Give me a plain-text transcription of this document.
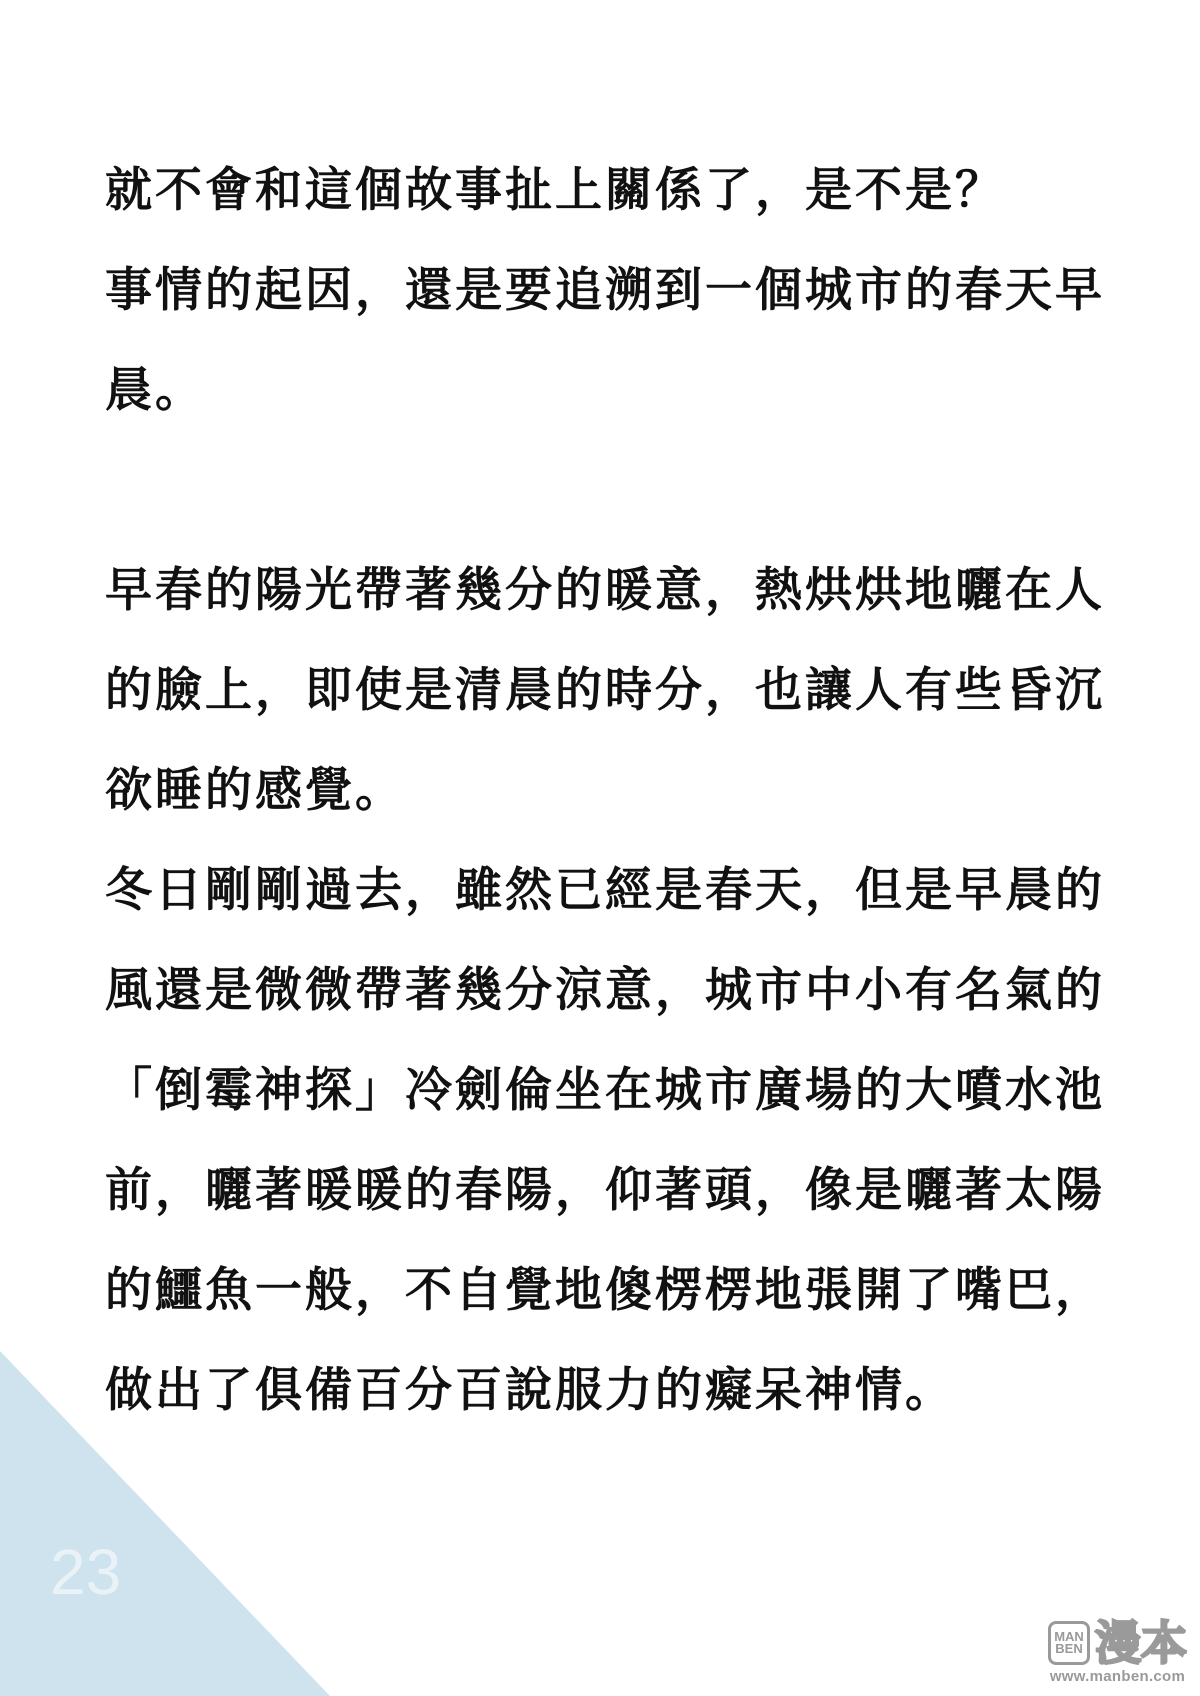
就不會和這個故事扯上關係了，是不是？
事情的起因，還是要追溯到一個城市的春天早
晨。
早春的陽光帶著幾分的暖意，熱烘烘地曬在人
的臉上，即使是清晨的時分，也讓人有些昏沉
欲睡的感覺。
冬日剛剛過去，雖然已經是春天，但是早晨的
風還是微微帶著幾分涼意，城市中小有名氣的
「倒霉神探」冷劍倫坐在城市廣場的大噴水池
前，曬著暖暖的春陽，仰著頭，像是曬著太陽
的鱷魚一般，不自覺地傻楞楞地張開了嘴巴，
做出了俱備百分百說服力的癡呆神情。
23
MAN
BEN 漫本
www.manben.com
